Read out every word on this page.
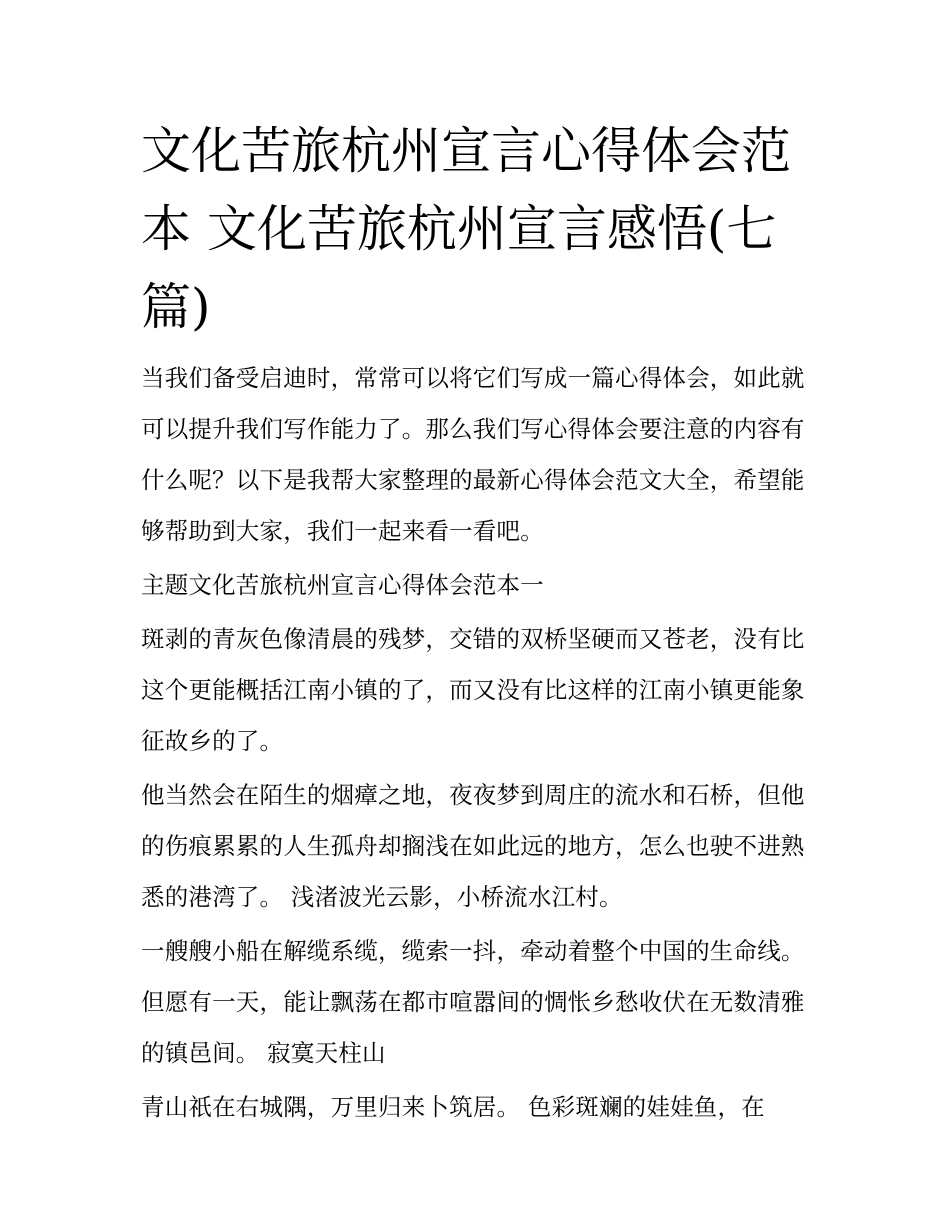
文化苦旅杭州宣言心得体会范本 文化苦旅杭州宣言感悟(七篇)

当我们备受启迪时，常常可以将它们写成一篇心得体会，如此就可以提升我们写作能力了。那么我们写心得体会要注意的内容有什么呢？以下是我帮大家整理的最新心得体会范文大全，希望能够帮助到大家，我们一起来看一看吧。

主题文化苦旅杭州宣言心得体会范本一

斑剥的青灰色像清晨的残梦，交错的双桥坚硬而又苍老，没有比这个更能概括江南小镇的了，而又没有比这样的江南小镇更能象征故乡的了。

他当然会在陌生的烟瘴之地，夜夜梦到周庄的流水和石桥，但他的伤痕累累的人生孤舟却搁浅在如此远的地方，怎么也驶不进熟悉的港湾了。 浅渚波光云影，小桥流水江村。

一艘艘小船在解缆系缆，缆索一抖，牵动着整个中国的生命线。但愿有一天，能让飘荡在都市喧嚣间的惆怅乡愁收伏在无数清雅的镇邑间。 寂寞天柱山

青山祇在右城隅，万里归来卜筑居。 色彩斑斓的娃娃鱼，在
